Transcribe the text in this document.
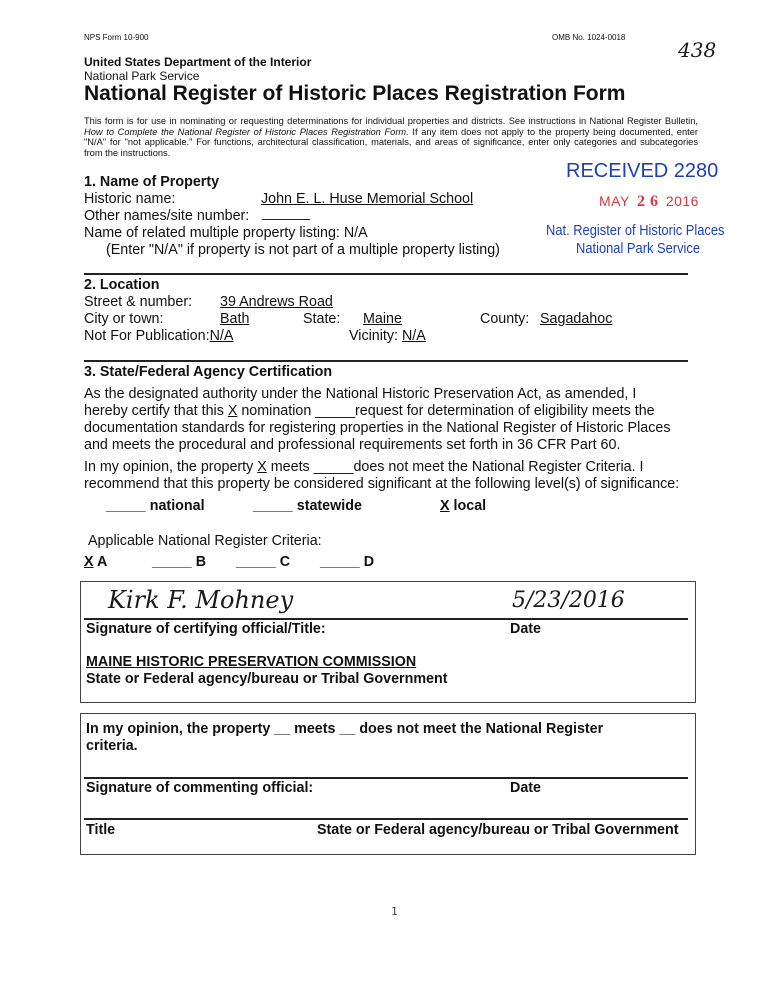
NPS Form 10-900	OMB No. 1024-0018
438
United States Department of the Interior
National Park Service
National Register of Historic Places Registration Form
This form is for use in nominating or requesting determinations for individual properties and districts. See instructions in National Register Bulletin, How to Complete the National Register of Historic Places Registration Form. If any item does not apply to the property being documented, enter "N/A" for "not applicable." For functions, architectural classification, materials, and areas of significance, enter only categories and subcategories from the instructions.
RECEIVED 2280
MAY 2 6 2016
Nat. Register of Historic Places
National Park Service
1. Name of Property
Historic name:	John E. L. Huse Memorial School
Other names/site number: ______
Name of related multiple property listing: N/A
(Enter "N/A" if property is not part of a multiple property listing)
2. Location
Street & number: 39 Andrews Road
City or town:	Bath	State: Maine	County: Sagadahoc
Not For Publication:N/A	Vicinity: N/A
3. State/Federal Agency Certification
As the designated authority under the National Historic Preservation Act, as amended, I
hereby certify that this X nomination _____request for determination of eligibility meets the
documentation standards for registering properties in the National Register of Historic Places
and meets the procedural and professional requirements set forth in 36 CFR Part 60.
In my opinion, the property X meets _____does not meet the National Register Criteria. I
recommend that this property be considered significant at the following level(s) of significance:
_____ national	_____ statewide	X local
Applicable National Register Criteria:
X A	_____ B _____ C _____ D
Kirk F. Mohney	5/23/2016
Signature of certifying official/Title:	Date
MAINE HISTORIC PRESERVATION COMMISSION
State or Federal agency/bureau or Tribal Government
In my opinion, the property __ meets __ does not meet the National Register
criteria.
Signature of commenting official:	Date
Title	State or Federal agency/bureau or Tribal Government
1
